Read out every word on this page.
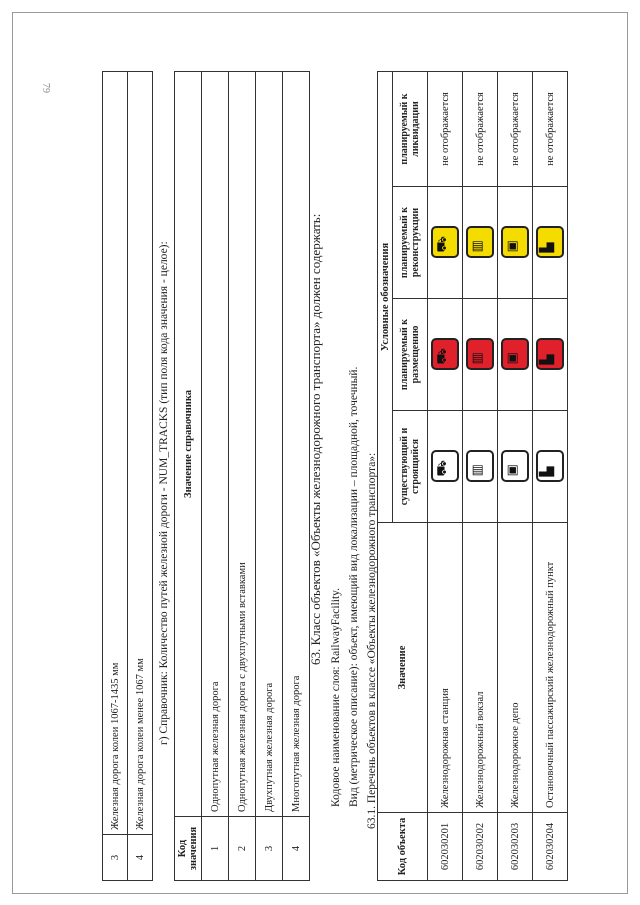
79
3	Железная дорога колеи 1067-1435 мм
4	Железная дорога колеи менее 1067 мм г) Справочник: Количество путей железной дороги - NUM_TRACKS (тип поля кода значения - целое):
Код значения	Значение справочника
1	Однопутная железная дорога
2	Однопутная железная дорога с двухпутными вставками
3	Двухпутная железная дорога
4	Многопутная железная дорога
63. Класс объектов «Объекты железнодорожного транспорта» должен содержать:
Кодовое наименование слоя: RailwayFacility. Вид (метрическое описание): объект, имеющий вид локализации – площадной, точечный. 63.1. Перечень объектов в классе «Объекты железнодорожного транспорта»:
Код объекта	Значение	Условные обозначения			
		существующий и строящийся	планируемый к размещению	планируемый к реконструкции	планируемый к ликвидации
602030201	Железнодорожная станция	⛟	⛟	⛟	не отображается
602030202	Железнодорожный вокзал	▥	▥	▥	не отображается
602030203	Железнодорожное депо	▣	▣	▣	не отображается
602030204	Остановочный пассажирский железнодорожный пункт	▙	▙	▙	не отображается
